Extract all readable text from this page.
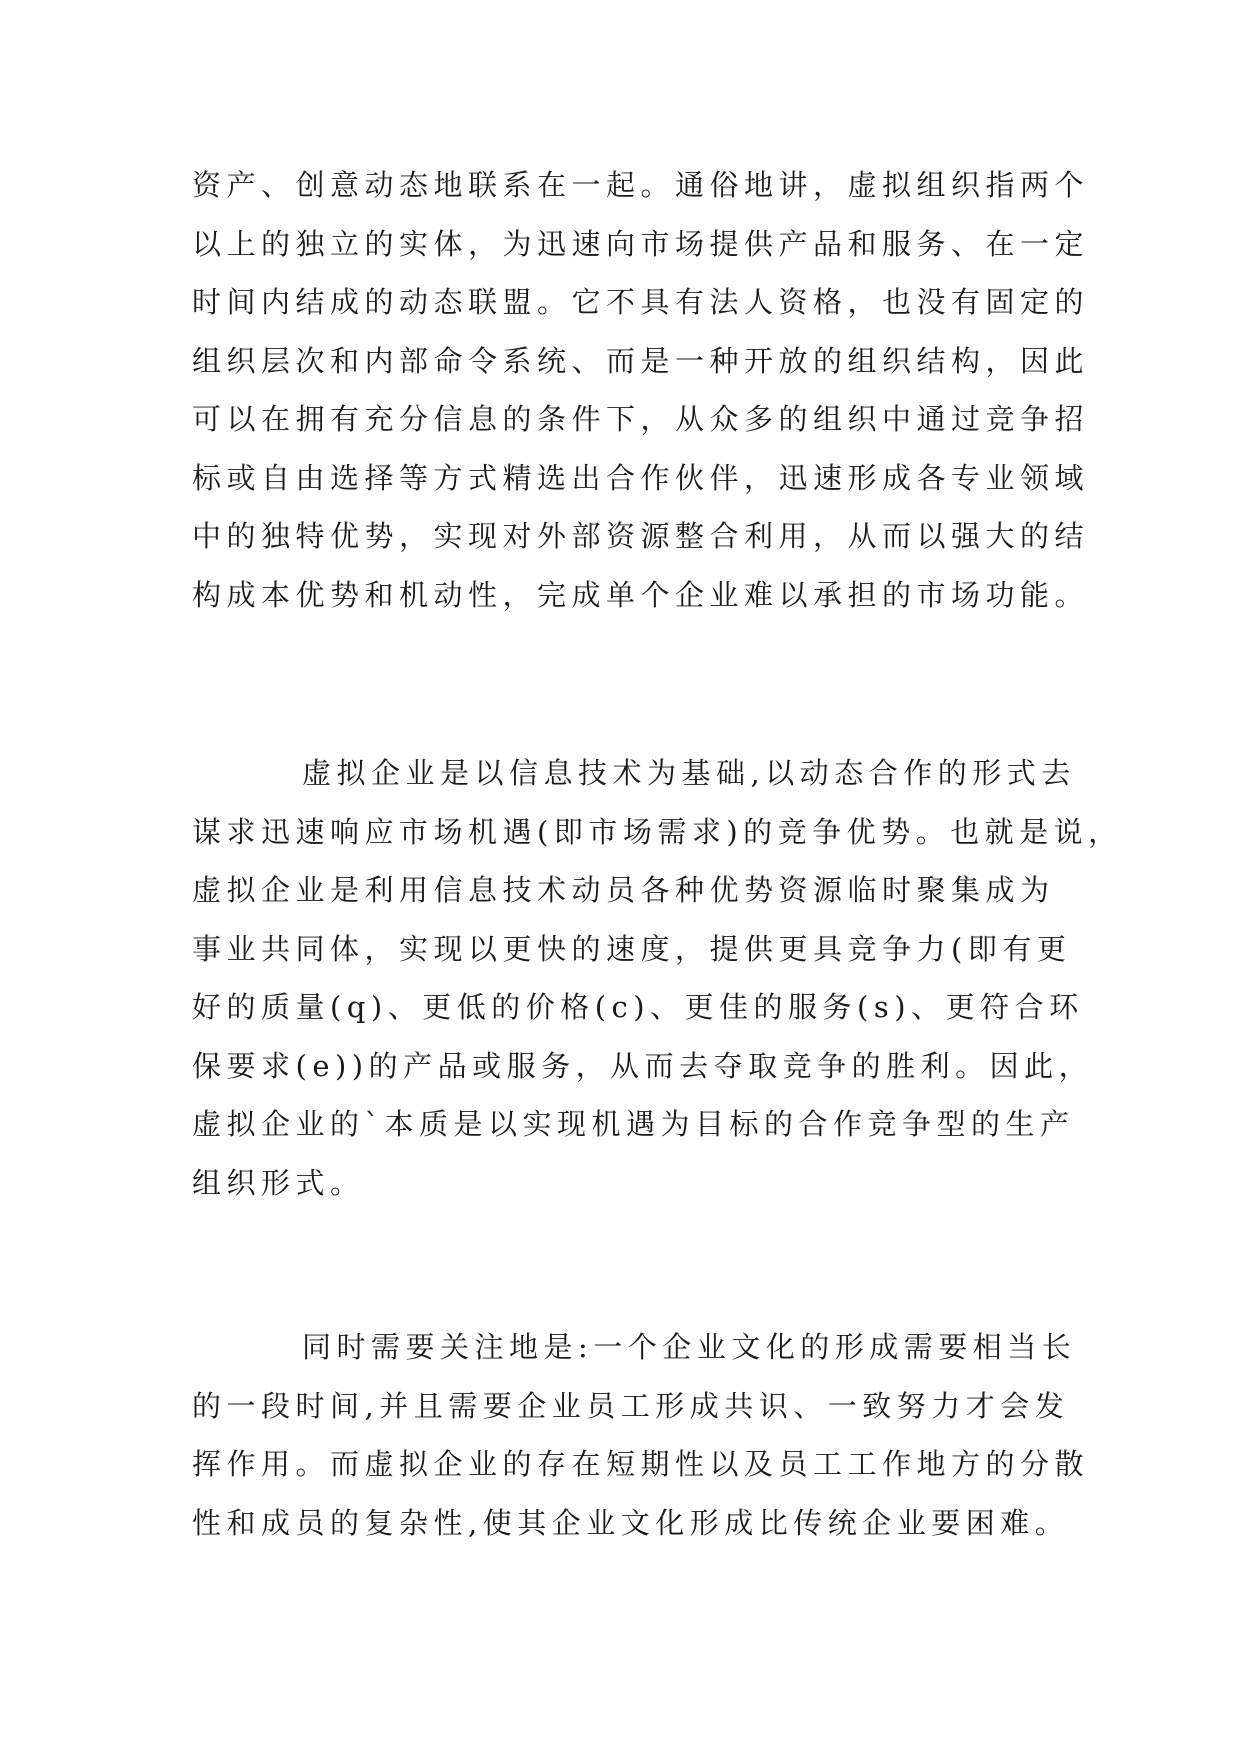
资产、创意动态地联系在一起。通俗地讲，虚拟组织指两个
以上的独立的实体，为迅速向市场提供产品和服务、在一定
时间内结成的动态联盟。它不具有法人资格，也没有固定的
组织层次和内部命令系统、而是一种开放的组织结构，因此
可以在拥有充分信息的条件下，从众多的组织中通过竞争招
标或自由选择等方式精选出合作伙伴，迅速形成各专业领域
中的独特优势，实现对外部资源整合利用，从而以强大的结
构成本优势和机动性，完成单个企业难以承担的市场功能。

虚拟企业是以信息技术为基础,以动态合作的形式去
谋求迅速响应市场机遇(即市场需求)的竞争优势。也就是说，
虚拟企业是利用信息技术动员各种优势资源临时聚集成为
事业共同体，实现以更快的速度，提供更具竞争力(即有更
好的质量(q)、更低的价格(c)、更佳的服务(s)、更符合环
保要求(e))的产品或服务，从而去夺取竞争的胜利。因此，
虚拟企业的`本质是以实现机遇为目标的合作竞争型的生产
组织形式。

同时需要关注地是:一个企业文化的形成需要相当长
的一段时间,并且需要企业员工形成共识、一致努力才会发
挥作用。而虚拟企业的存在短期性以及员工工作地方的分散
性和成员的复杂性,使其企业文化形成比传统企业要困难。
